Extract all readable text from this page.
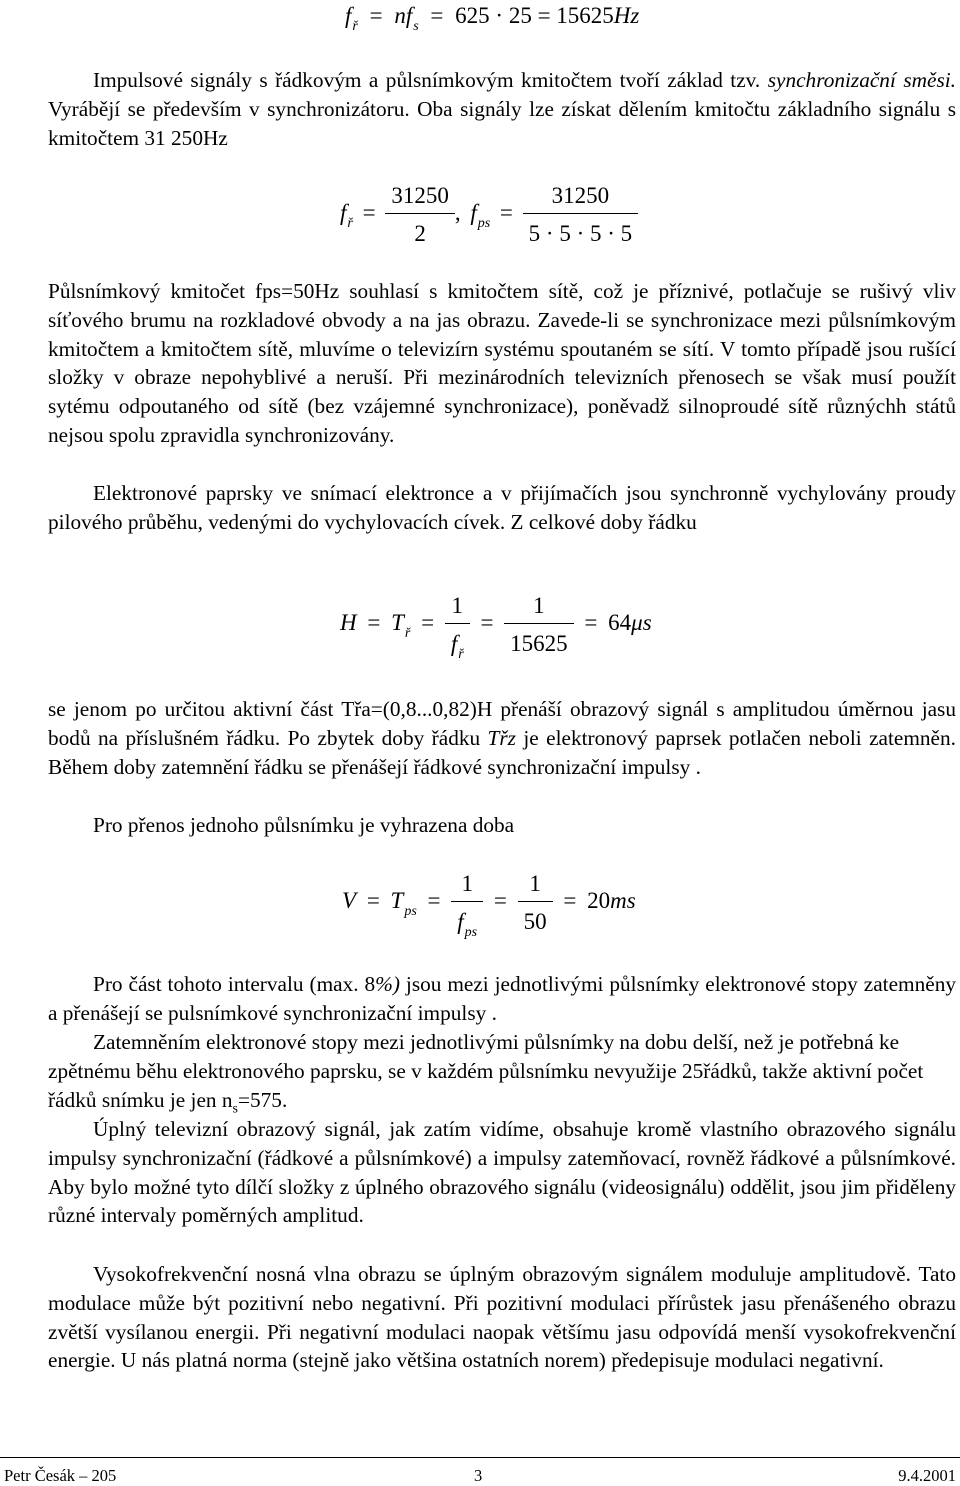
$f_ř = nf_s = 625 \cdot 25 = 15625Hz$

Impulsové signály s řádkovým a půlsnímkovým kmitočtem tvoří základ tzv. synchronizační směsi. Vyrábějí se především v synchronizátoru. Oba signály lze získat dělením kmitočtu základního signálu s kmitočtem 31 250Hz

$f_ř = \frac{31250}{2}$ , $f_{ps} = \frac{31250}{5 \cdot 5 \cdot 5 \cdot 5}$

Půlsnímkový kmitočet fps=50Hz souhlasí s kmitočtem sítě, což je příznivé, potlačuje se rušivý vliv síťového brumu na rozkladové obvody a na jas obrazu. Zavede-li se synchronizace mezi půlsnímkovým kmitočtem a kmitočtem sítě, mluvíme o televizírn systému spoutaném se sítí. V tomto případě jsou rušící složky v obraze nepohyblivé a neruší. Při mezinárodních televizních přenosech se však musí použít sytému odpoutaného od sítě (bez vzájemné synchronizace), poněvadž silnoproudé sítě různýchh států nejsou spolu zpravidla synchronizovány.

Elektronové paprsky ve snímací elektronce a v přijímačích jsou synchronně vychylovány proudy pilového průběhu, vedenými do vychylovacích cívek. Z celkové doby řádku

$H = T_ř = \frac{1}{f_ř} = \frac{1}{15625} = 64\mu s$

se jenom po určitou aktivní část Třa=(0,8...0,82)H přenáší obrazový signál s amplitudou úměrnou jasu bodů na příslušném řádku. Po zbytek doby řádku Třz je elektronový paprsek potlačen neboli zatemněn. Během doby zatemnění řádku se přenášejí řádkové synchronizační impulsy .

Pro přenos jednoho půlsnímku je vyhrazena doba

$V = T_{ps} = \frac{1}{f_{ps}} = \frac{1}{50} = 20ms$

Pro část tohoto intervalu (max. 8%) jsou mezi jednotlivými půlsnímky elektronové stopy zatemněny a přenášejí se pulsnímkové synchronizační impulsy .

Zatemněním elektronové stopy mezi jednotlivými půlsnímky na dobu delší, než je potřebná ke zpětnému běhu elektronového paprsku, se v každém půlsnímku nevyužije 25řádků, takže aktivní počet řádků snímku je jen $n_s=575$.

Úplný televizní obrazový signál, jak zatím vidíme, obsahuje kromě vlastního obrazového signálu impulsy synchronizační (řádkové a půlsnímkové) a impulsy zatemňovací, rovněž řádkové a půlsnímkové. Aby bylo možné tyto dílčí složky z úplného obrazového signálu (videosignálu) oddělit, jsou jim přiděleny různé intervaly poměrných amplitud.

Vysokofrekvenční nosná vlna obrazu se úplným obrazovým signálem moduluje amplitudově. Tato modulace může být pozitivní nebo negativní. Při pozitivní modulaci přírůstek jasu přenášeného obrazu zvětší vysílanou energii. Při negativní modulaci naopak většímu jasu odpovídá menší vysokofrekvenční energie. U nás platná norma (stejně jako většina ostatních norem) předepisuje modulaci negativní.

Petr Česák – 205	3	9.4.2001
